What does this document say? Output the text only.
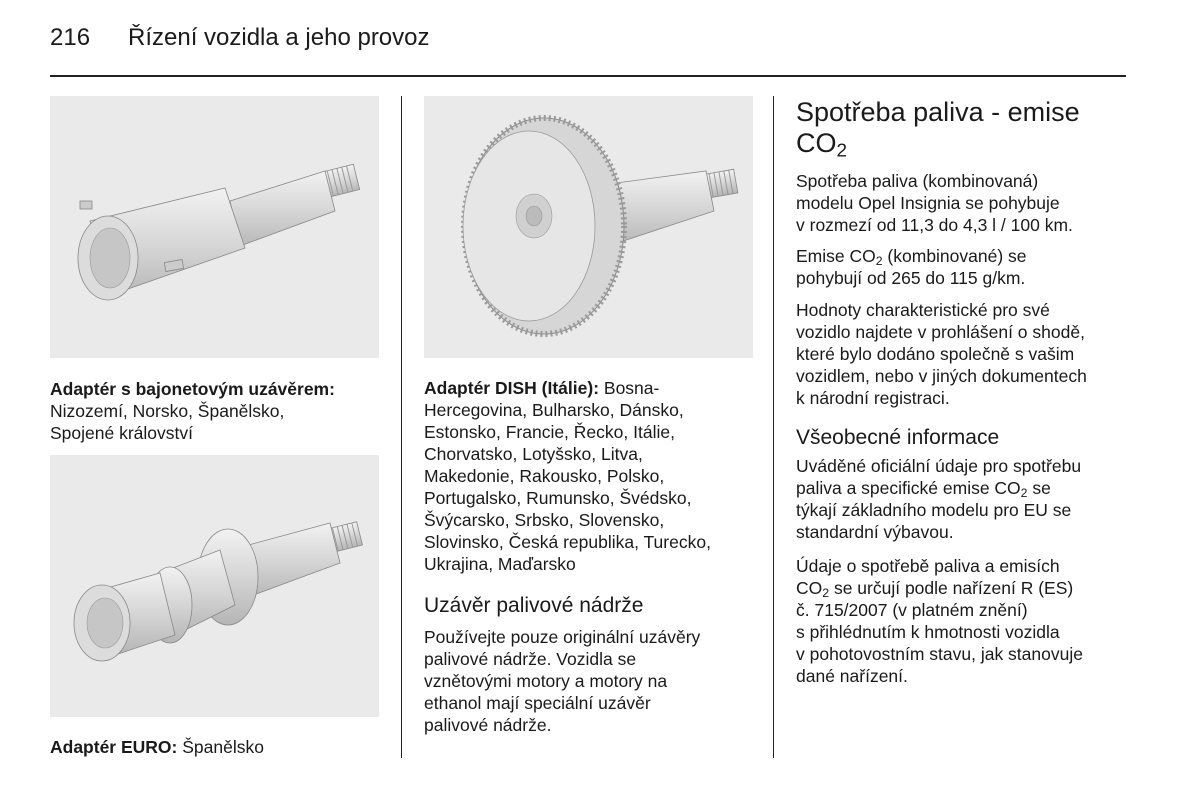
216 Řízení vozidla a jeho provoz
Adaptér s bajonetovým uzávěrem:
Nizozemí, Norsko, Španělsko,
Spojené království
Adaptér EURO: Španělsko
Adaptér DISH (Itálie): Bosna-
Hercegovina, Bulharsko, Dánsko,
Estonsko, Francie, Řecko, Itálie,
Chorvatsko, Lotyšsko, Litva,
Makedonie, Rakousko, Polsko,
Portugalsko, Rumunsko, Švédsko,
Švýcarsko, Srbsko, Slovensko,
Slovinsko, Česká republika, Turecko,
Ukrajina, Maďarsko
Uzávěr palivové nádrže
Používejte pouze originální uzávěry
palivové nádrže. Vozidla se
vznětovými motory a motory na
ethanol mají speciální uzávěr
palivové nádrže.
Spotřeba paliva - emise
$CO_2$
Spotřeba paliva (kombinovaná)
modelu Opel Insignia se pohybuje
v rozmezí od 11,3 do 4,3 l / 100 km.
Emise $CO_2$ (kombinované) se
pohybují od 265 do 115 g/km.
Hodnoty charakteristické pro své
vozidlo najdete v prohlášení o shodě,
které bylo dodáno společně s vašim
vozidlem, nebo v jiných dokumentech
k národní registraci.
Všeobecné informace
Uváděné oficiální údaje pro spotřebu
paliva a specifické emise $CO_2$ se
týkají základního modelu pro EU se
standardní výbavou.
Údaje o spotřebě paliva a emisích
$CO_2$ se určují podle nařízení R (ES)
č. 715/2007 (v platném znění)
s přihlédnutím k hmotnosti vozidla
v pohotovostním stavu, jak stanovuje
dané nařízení.
